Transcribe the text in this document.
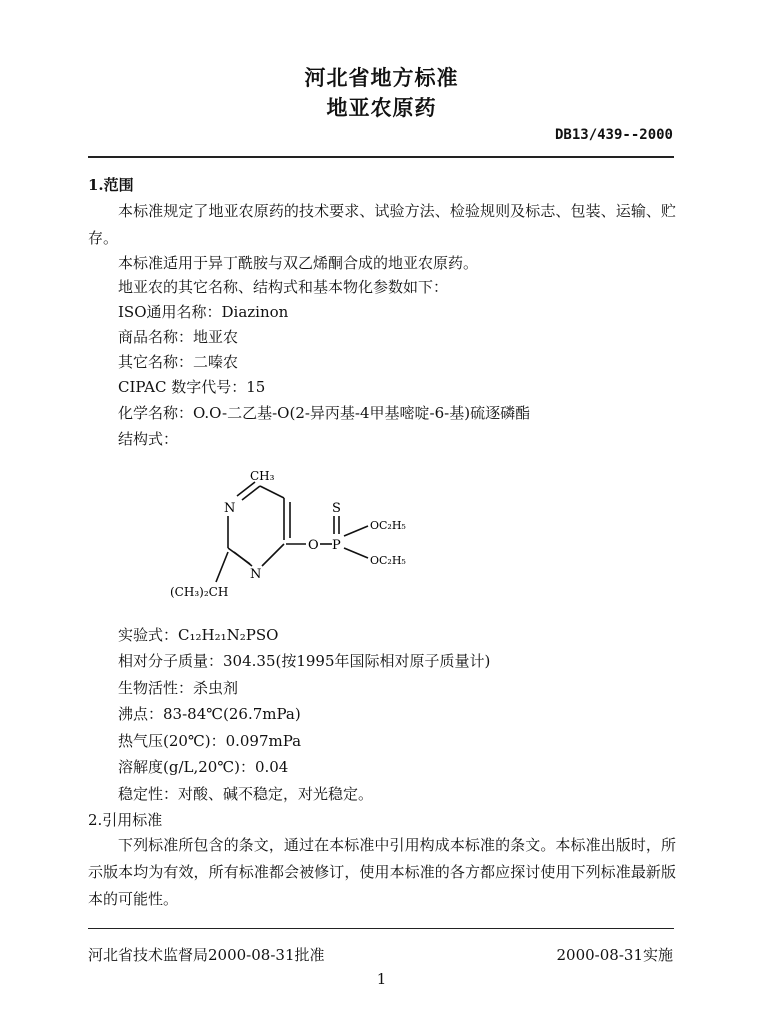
河北省地方标准
地亚农原药
DB13/439--2000
1.范围
本标准规定了地亚农原药的技术要求、试验方法、检验规则及标志、包装、运输、贮存。
本标准适用于异丁酰胺与双乙烯酮合成的地亚农原药。
地亚农的其它名称、结构式和基本物化参数如下：
ISO通用名称：Diazinon
商品名称：地亚农
其它名称：二嗪农
CIPAC 数字代号：15
化学名称：O.O-二乙基-O(2-异丙基-4甲基嘧啶-6-基)硫逐磷酯
结构式：
CH₃
N
N
(CH₃)₂CH
S
O P
OC₂H₅
OC₂H₅
实验式：C₁₂H₂₁N₂PSO
相对分子质量：304.35(按1995年国际相对原子质量计)
生物活性：杀虫剂
沸点：83-84℃(26.7mPa)
热气压(20℃)：0.097mPa
溶解度(g/L,20℃)：0.04
稳定性：对酸、碱不稳定，对光稳定。
2.引用标准
下列标准所包含的条文，通过在本标准中引用构成本标准的条文。本标准出版时，所示版本均为有效，所有标准都会被修订，使用本标准的各方都应探讨使用下列标准最新版本的可能性。
河北省技术监督局2000-08-31批准	2000-08-31实施
1
